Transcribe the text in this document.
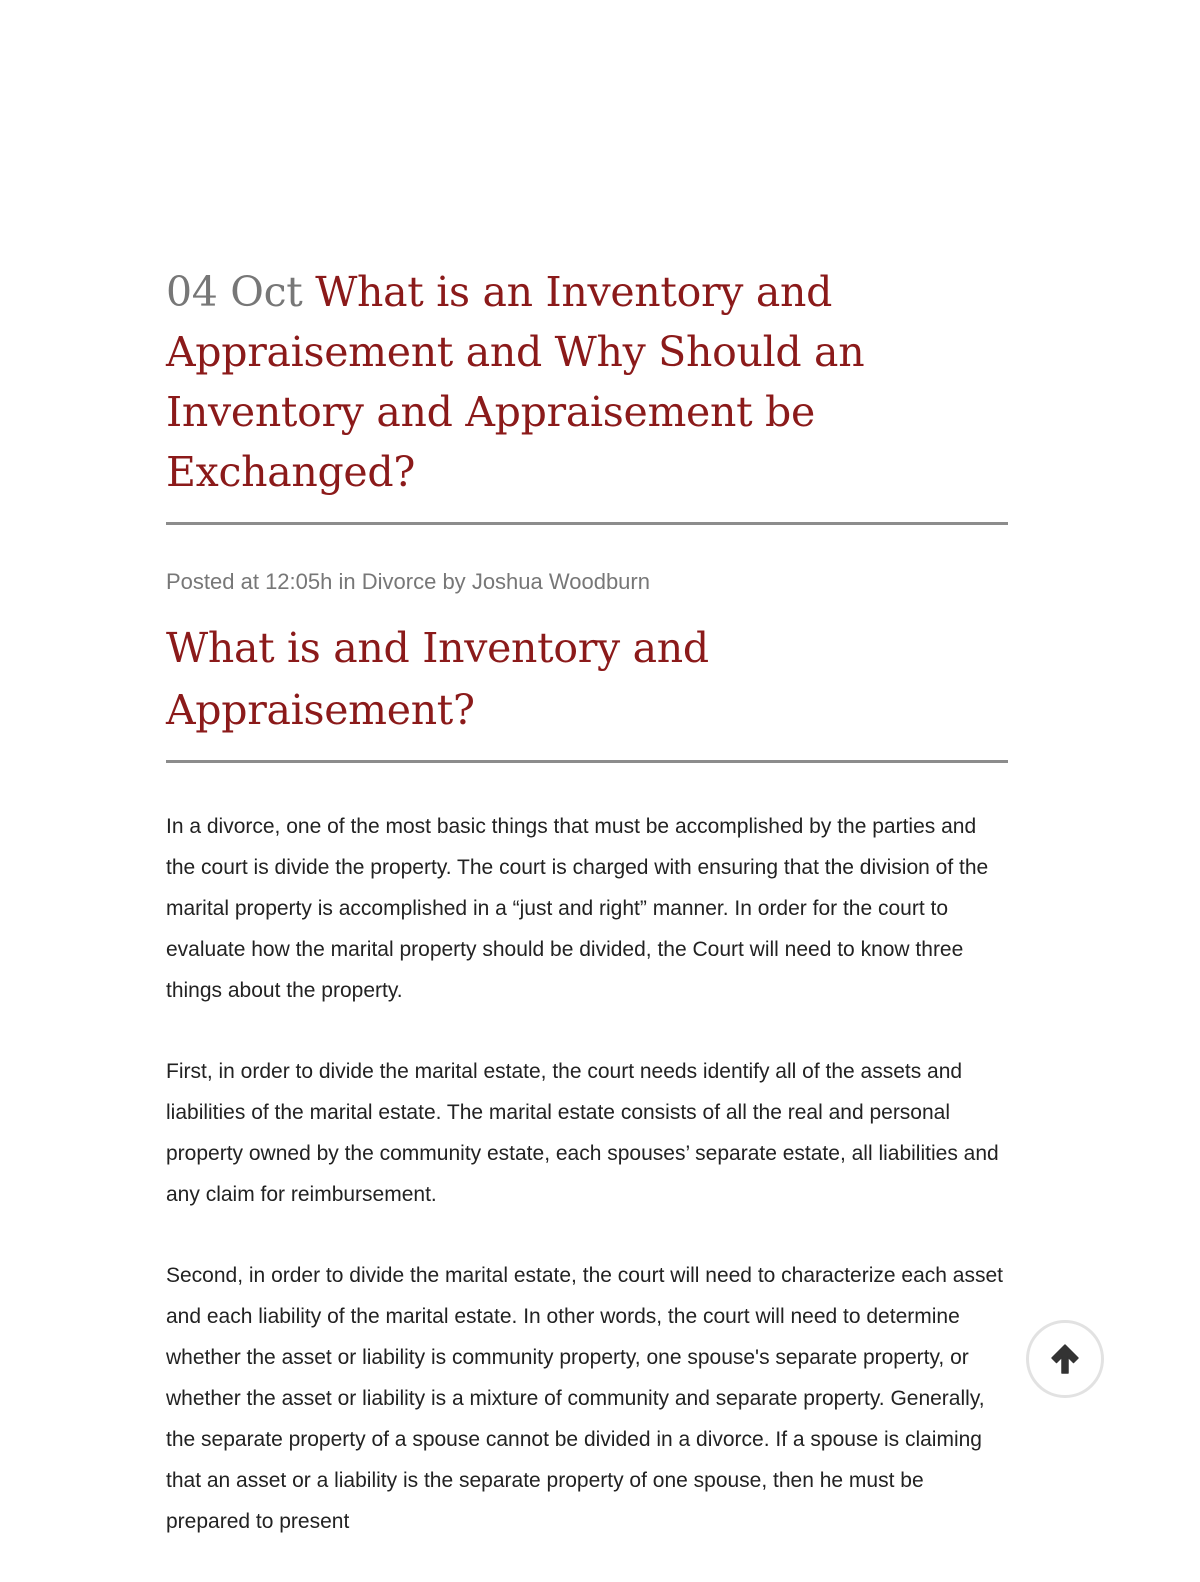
04 Oct What is an Inventory and Appraisement and Why Should an Inventory and Appraisement be Exchanged?
Posted at 12:05h in Divorce by Joshua Woodburn
What is and Inventory and Appraisement?

In a divorce, one of the most basic things that must be accomplished by the parties and the court is divide the property. The court is charged with ensuring that the division of the marital property is accomplished in a “just and right” manner. In order for the court to evaluate how the marital property should be divided, the Court will need to know three things about the property.

First, in order to divide the marital estate, the court needs identify all of the assets and liabilities of the marital estate. The marital estate consists of all the real and personal property owned by the community estate, each spouses’ separate estate, all liabilities and any claim for reimbursement.

Second, in order to divide the marital estate, the court will need to characterize each asset and each liability of the marital estate. In other words, the court will need to determine whether the asset or liability is community property, one spouse's separate property, or whether the asset or liability is a mixture of community and separate property. Generally, the separate property of a spouse cannot be divided in a divorce. If a spouse is claiming that an asset or a liability is the separate property of one spouse, then he must be prepared to present
